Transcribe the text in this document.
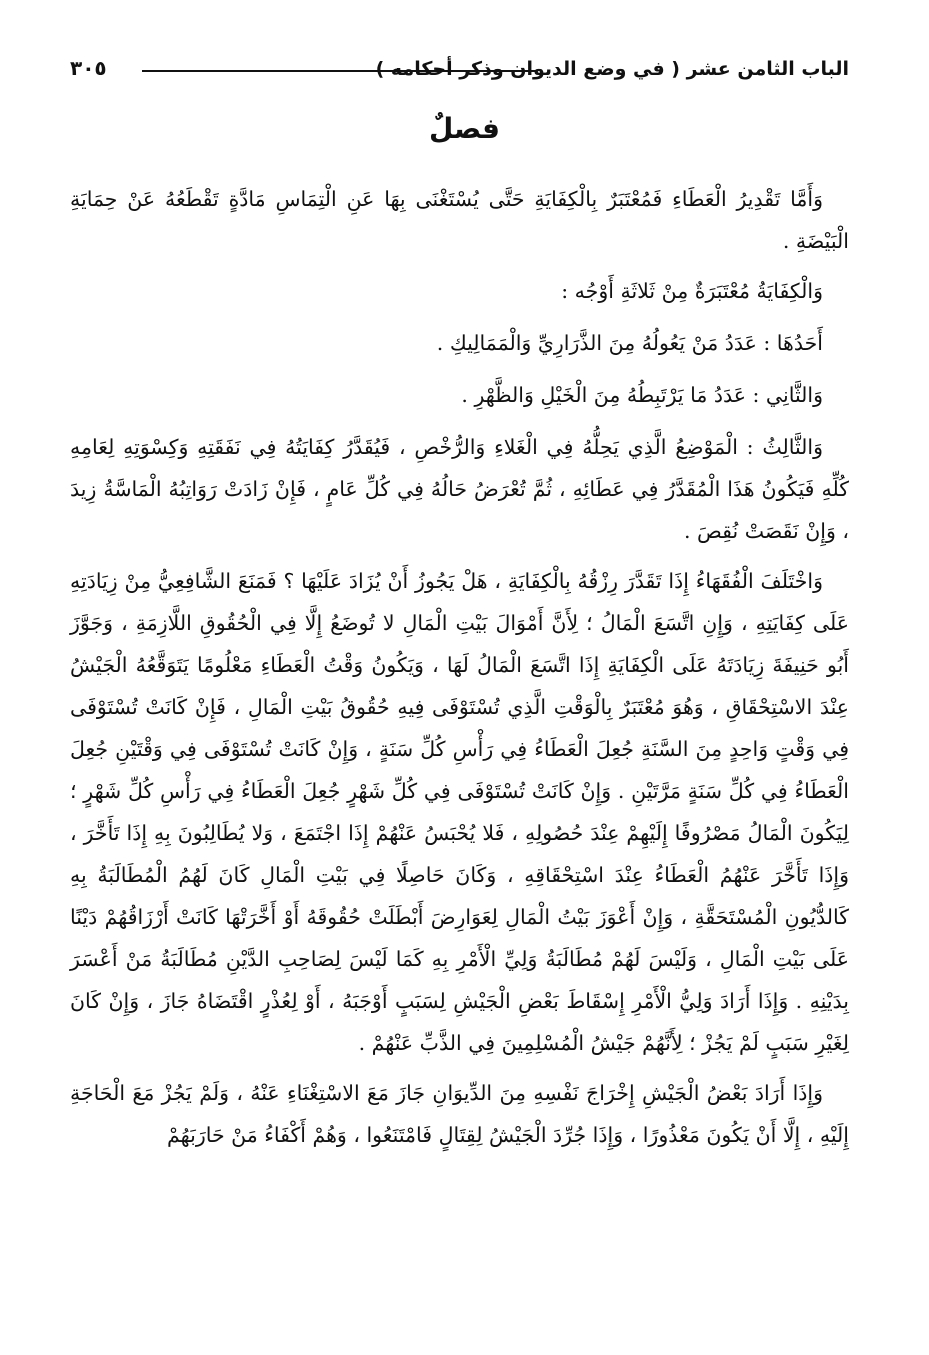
الباب الثامن عشر ( في وضع الديوان وذكر أحكامه )
٣٠٥
فصلٌ

وَأَمَّا تَقْدِيرُ الْعَطَاءِ فَمُعْتَبَرٌ بِالْكِفَايَةِ حَتَّى يُسْتَغْنَى بِهَا عَنِ الْتِمَاسِ مَادَّةٍ تَقْطَعُهُ عَنْ حِمَايَةِ الْبَيْضَةِ .

وَالْكِفَايَةُ مُعْتَبَرَةٌ مِنْ ثَلاثَةِ أَوْجُه :

أَحَدُهَا : عَدَدُ مَنْ يَعُولُهُ مِنَ الذَّرَارِيِّ وَالْمَمَالِيكِ .

وَالثَّانِي : عَدَدُ مَا يَرْتَبِطُهُ مِنَ الْخَيْلِ وَالظَّهْرِ .

وَالثَّالِثُ : الْمَوْضِعُ الَّذِي يَحِلُّهُ فِي الْغَلاءِ وَالرُّخْصِ ، فَيُقَدَّرُ كِفَايَتُهُ فِي نَفَقَتِهِ وَكِسْوَتِهِ لِعَامِهِ كُلِّهِ فَيَكُونُ هَذَا الْمُقَدَّرُ فِي عَطَائِهِ ، ثُمَّ تُعْرَضُ حَالُهُ فِي كُلِّ عَامٍ ، فَإِنْ زَادَتْ رَوَاتِبُهُ الْمَاسَّةُ زِيدَ ، وَإِنْ نَقَصَتْ نُقِصَ .

وَاخْتَلَفَ الْفُقَهَاءُ إِذَا تَقَدَّرَ رِزْقُهُ بِالْكِفَايَةِ ، هَلْ يَجُوزُ أَنْ يُزَادَ عَلَيْهَا ؟ فَمَنَعَ الشَّافِعِيُّ مِنْ زِيَادَتِهِ عَلَى كِفَايَتِهِ ، وَإِنِ اتَّسَعَ الْمَالُ ؛ لِأَنَّ أَمْوَالَ بَيْتِ الْمَالِ لا تُوضَعُ إِلَّا فِي الْحُقُوقِ اللَّازِمَةِ ، وَجَوَّزَ أَبُو حَنِيفَةَ زِيَادَتَهُ عَلَى الْكِفَايَةِ إِذَا اتَّسَعَ الْمَالُ لَهَا ، وَيَكُونُ وَقْتُ الْعَطَاءِ مَعْلُومًا يَتَوَقَّعُهُ الْجَيْشُ عِنْدَ الاسْتِحْقَاقِ ، وَهُوَ مُعْتَبَرٌ بِالْوَقْتِ الَّذِي تُسْتَوْفَى فِيهِ حُقُوقُ بَيْتِ الْمَالِ ، فَإِنْ كَانَتْ تُسْتَوْفَى فِي وَقْتٍ وَاحِدٍ مِنَ السَّنَةِ جُعِلَ الْعَطَاءُ فِي رَأْسِ كُلِّ سَنَةٍ ، وَإِنْ كَانَتْ تُسْتَوْفَى فِي وَقْتَيْنِ جُعِلَ الْعَطَاءُ فِي كُلِّ سَنَةٍ مَرَّتَيْنِ . وَإِنْ كَانَتْ تُسْتَوْفَى فِي كُلِّ شَهْرٍ جُعِلَ الْعَطَاءُ فِي رَأْسِ كُلِّ شَهْرٍ ؛ لِيَكُونَ الْمَالُ مَصْرُوفًا إِلَيْهِمْ عِنْدَ حُصُولِهِ ، فَلا يُحْبَسُ عَنْهُمْ إِذَا اجْتَمَعَ ، وَلا يُطَالِبُونَ بِهِ إِذَا تَأَخَّرَ ، وَإِذَا تَأَخَّرَ عَنْهُمُ الْعَطَاءُ عِنْدَ اسْتِحْقَاقِهِ ، وَكَانَ حَاصِلًا فِي بَيْتِ الْمَالِ كَانَ لَهُمُ الْمُطَالَبَةُ بِهِ كَالدُّيُونِ الْمُسْتَحَقَّةِ ، وَإِنْ أَعْوَزَ بَيْتُ الْمَالِ لِعَوَارِضَ أَبْطَلَتْ حُقُوقَهُ أَوْ أَخَّرَتْهَا كَانَتْ أَرْزَاقُهُمْ دَيْنًا عَلَى بَيْتِ الْمَالِ ، وَلَيْسَ لَهُمْ مُطَالَبَةُ وَلِيِّ الْأَمْرِ بِهِ كَمَا لَيْسَ لِصَاحِبِ الدَّيْنِ مُطَالَبَةُ مَنْ أَعْسَرَ بِدَيْنِهِ . وَإِذَا أَرَادَ وَلِيُّ الْأَمْرِ إِسْقَاطَ بَعْضِ الْجَيْشِ لِسَبَبٍ أَوْجَبَهُ ، أَوْ لِعُذْرٍ اقْتَضَاهُ جَازَ ، وَإِنْ كَانَ لِغَيْرِ سَبَبٍ لَمْ يَجُزْ ؛ لِأَنَّهُمْ جَيْشُ الْمُسْلِمِينَ فِي الذَّبِّ عَنْهُمْ .

وَإِذَا أَرَادَ بَعْضُ الْجَيْشِ إِخْرَاجَ نَفْسِهِ مِنَ الدِّيوَانِ جَازَ مَعَ الاسْتِغْنَاءِ عَنْهُ ، وَلَمْ يَجُزْ مَعَ الْحَاجَةِ إِلَيْهِ ، إِلَّا أَنْ يَكُونَ مَعْذُورًا ، وَإِذَا جُرِّدَ الْجَيْشُ لِقِتَالٍ فَامْتَنَعُوا ، وَهُمْ أَكْفَاءُ مَنْ حَارَبَهُمْ
